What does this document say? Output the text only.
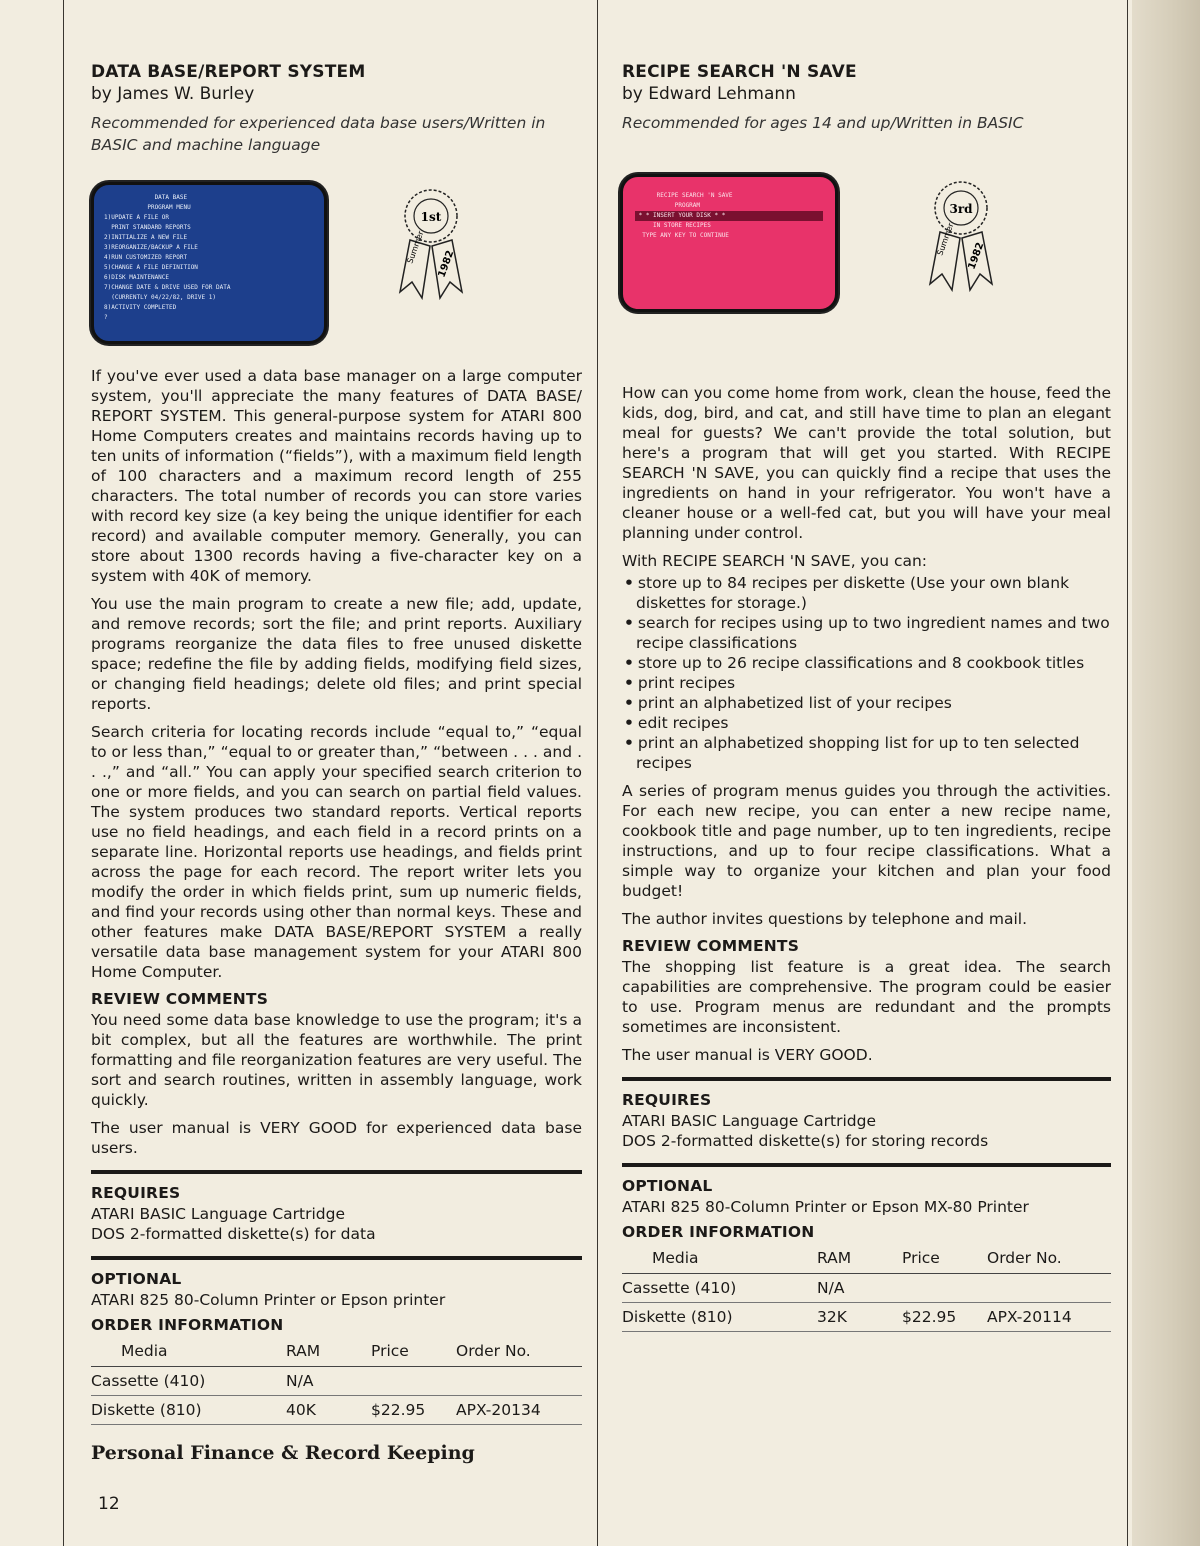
DATA BASE/REPORT SYSTEM
by James W. Burley

Recommended for experienced data base users/Written in BASIC and machine language

DATA BASE
PROGRAM MENU
1)UPDATE A FILE OR
PRINT STANDARD REPORTS
2)INITIALIZE A NEW FILE
3)REORGANIZE/BACKUP A FILE
4)RUN CUSTOMIZED REPORT
5)CHANGE A FILE DEFINITION
6)DISK MAINTENANCE
7)CHANGE DATE & DRIVE USED FOR DATA
(CURRENTLY 04/22/82, DRIVE 1)
8)ACTIVITY COMPLETED
?
1st
Summer 1982

If you've ever used a data base manager on a large computer system, you'll appreciate the many features of DATA BASE/ REPORT SYSTEM. This general-purpose system for ATARI 800 Home Computers creates and maintains records having up to ten units of information (“fields”), with a maximum field length of 100 characters and a maximum record length of 255 characters. The total number of records you can store varies with record key size (a key being the unique identifier for each record) and available computer memory. Generally, you can store about 1300 records having a five-character key on a system with 40K of memory.

You use the main program to create a new file; add, update, and remove records; sort the file; and print reports. Auxiliary programs reorganize the data files to free unused diskette space; redefine the file by adding fields, modifying field sizes, or changing field headings; delete old files; and print special reports.

Search criteria for locating records include “equal to,” “equal to or less than,” “equal to or greater than,” “between . . . and . . .,” and “all.” You can apply your specified search criterion to one or more fields, and you can search on partial field values. The system produces two standard reports. Vertical reports use no field headings, and each field in a record prints on a separate line. Horizontal reports use headings, and fields print across the page for each record. The report writer lets you modify the order in which fields print, sum up numeric fields, and find your records using other than normal keys. These and other features make DATA BASE/REPORT SYSTEM a really versatile data base management system for your ATARI 800 Home Computer.

REVIEW COMMENTS

You need some data base knowledge to use the program; it's a bit complex, but all the features are worthwhile. The print formatting and file reorganization features are very useful. The sort and search routines, written in assembly language, work quickly.

The user manual is VERY GOOD for experienced data base users.

REQUIRES
ATARI BASIC Language Cartridge
DOS 2-formatted diskette(s) for data
OPTIONAL
ATARI 825 80-Column Printer or Epson printer
ORDER INFORMATION
Media	RAM	Price	Order No.
Cassette (410)	N/A		
Diskette (810)	40K	$22.95	APX-20134
RECIPE SEARCH 'N SAVE
by Edward Lehmann

Recommended for ages 14 and up/Written in BASIC

RECIPE SEARCH 'N SAVE
PROGRAM
* * INSERT YOUR DISK * *
IN STORE RECIPES
TYPE ANY KEY TO CONTINUE
3rd
Summer 1982

How can you come home from work, clean the house, feed the kids, dog, bird, and cat, and still have time to plan an elegant meal for guests? We can't provide the total solution, but here's a program that will get you started. With RECIPE SEARCH 'N SAVE, you can quickly find a recipe that uses the ingredients on hand in your refrigerator. You won't have a cleaner house or a well-fed cat, but you will have your meal planning under control.

With RECIPE SEARCH 'N SAVE, you can:

• store up to 84 recipes per diskette (Use your own blank diskettes for storage.)
• search for recipes using up to two ingredient names and two recipe classifications
• store up to 26 recipe classifications and 8 cookbook titles
• print recipes
• print an alphabetized list of your recipes
• edit recipes
• print an alphabetized shopping list for up to ten selected recipes

A series of program menus guides you through the activities. For each new recipe, you can enter a new recipe name, cookbook title and page number, up to ten ingredients, recipe instructions, and up to four recipe classifications. What a simple way to organize your kitchen and plan your food budget!

The author invites questions by telephone and mail.

REVIEW COMMENTS

The shopping list feature is a great idea. The search capabilities are comprehensive. The program could be easier to use. Program menus are redundant and the prompts sometimes are inconsistent.

The user manual is VERY GOOD.

REQUIRES
ATARI BASIC Language Cartridge
DOS 2-formatted diskette(s) for storing records
OPTIONAL
ATARI 825 80-Column Printer or Epson MX-80 Printer
ORDER INFORMATION
Media	RAM	Price	Order No.
Cassette (410)	N/A		
Diskette (810)	32K	$22.95	APX-20114
Personal Finance & Record Keeping
12
